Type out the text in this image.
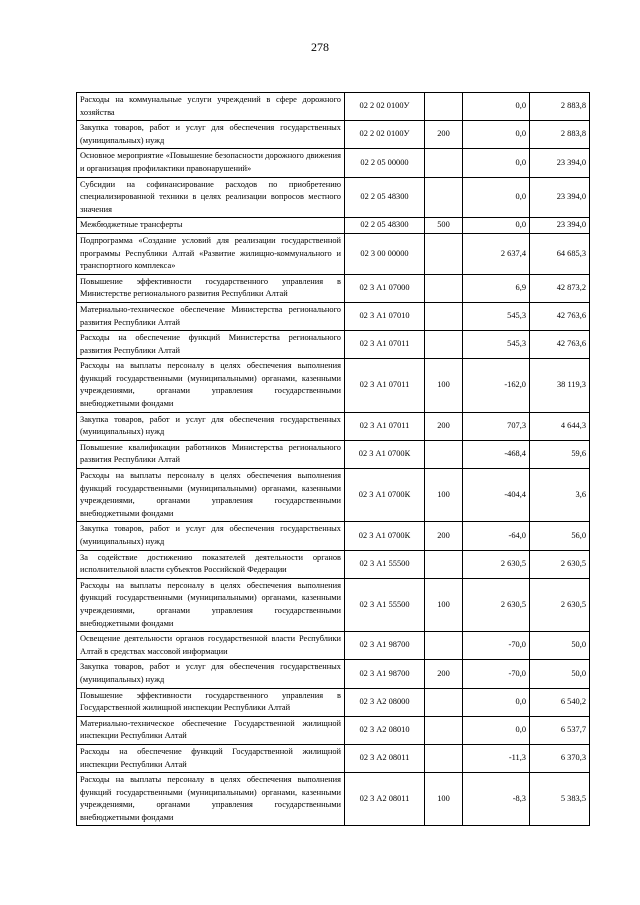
278
Расходы на коммунальные услуги учреждений в сфере дорожного хозяйства	02 2 02 0100У		0,0	2 883,8
Закупка товаров, работ и услуг для обеспечения государственных (муниципальных) нужд	02 2 02 0100У	200	0,0	2 883,8
Основное мероприятие «Повышение безопасности дорожного движения и организация профилактики правонарушений»	02 2 05 00000		0,0	23 394,0
Субсидии на софинансирование расходов по приобретению специализированной техники в целях реализации вопросов местного значения	02 2 05 48300		0,0	23 394,0
Межбюджетные трансферты	02 2 05 48300	500	0,0	23 394,0
Подпрограмма «Создание условий для реализации государственной программы Республики Алтай «Развитие жилищно-коммунального и транспортного комплекса»	02 3 00 00000		2 637,4	64 685,3
Повышение эффективности государственного управления в Министерстве регионального развития Республики Алтай	02 3 А1 07000		6,9	42 873,2
Материально-техническое обеспечение Министерства регионального развития Республики Алтай	02 3 А1 07010		545,3	42 763,6
Расходы на обеспечение функций Министерства регионального развития Республики Алтай	02 3 А1 07011		545,3	42 763,6
Расходы на выплаты персоналу в целях обеспечения выполнения функций государственными (муниципальными) органами, казенными учреждениями, органами управления государственными внебюджетными фондами	02 3 А1 07011	100	-162,0	38 119,3
Закупка товаров, работ и услуг для обеспечения государственных (муниципальных) нужд	02 3 А1 07011	200	707,3	4 644,3
Повышение квалификации работников Министерства регионального развития Республики Алтай	02 3 А1 0700К		-468,4	59,6
Расходы на выплаты персоналу в целях обеспечения выполнения функций государственными (муниципальными) органами, казенными учреждениями, органами управления государственными внебюджетными фондами	02 3 А1 0700К	100	-404,4	3,6
Закупка товаров, работ и услуг для обеспечения государственных (муниципальных) нужд	02 3 А1 0700К	200	-64,0	56,0
За содействие достижению показателей деятельности органов исполнительной власти субъектов Российской Федерации	02 3 А1 55500		2 630,5	2 630,5
Расходы на выплаты персоналу в целях обеспечения выполнения функций государственными (муниципальными) органами, казенными учреждениями, органами управления государственными внебюджетными фондами	02 3 А1 55500	100	2 630,5	2 630,5
Освещение деятельности органов государственной власти Республики Алтай в средствах массовой информации	02 3 А1 98700		-70,0	50,0
Закупка товаров, работ и услуг для обеспечения государственных (муниципальных) нужд	02 3 А1 98700	200	-70,0	50,0
Повышение эффективности государственного управления в Государственной жилищной инспекции Республики Алтай	02 3 А2 08000		0,0	6 540,2
Материально-техническое обеспечение Государственной жилищной инспекции Республики Алтай	02 3 А2 08010		0,0	6 537,7
Расходы на обеспечение функций Государственной жилищной инспекции Республики Алтай	02 3 А2 08011		-11,3	6 370,3
Расходы на выплаты персоналу в целях обеспечения выполнения функций государственными (муниципальными) органами, казенными учреждениями, органами управления государственными внебюджетными фондами	02 3 А2 08011	100	-8,3	5 383,5
